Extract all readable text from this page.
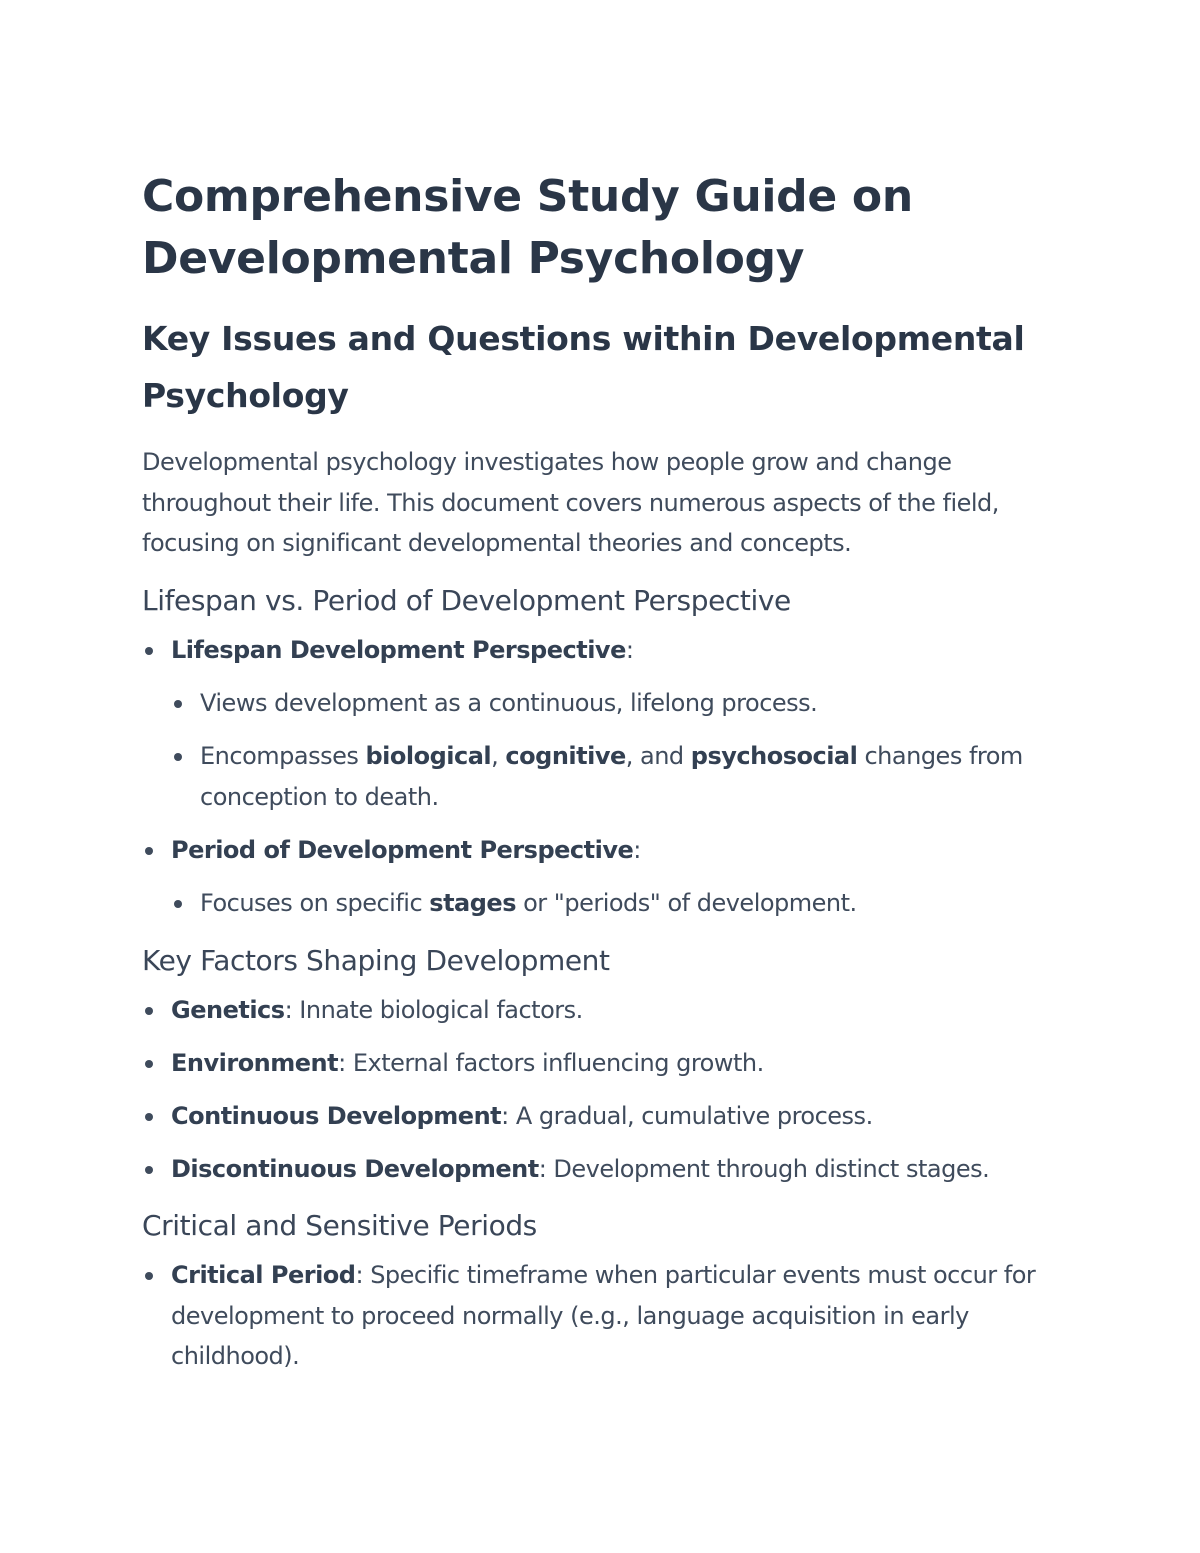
Comprehensive Study Guide on
Developmental Psychology
Key Issues and Questions within Developmental
Psychology

Developmental psychology investigates how people grow and change throughout their life. This document covers numerous aspects of the field, focusing on significant developmental theories and concepts.

Lifespan vs. Period of Development Perspective
Lifespan Development Perspective:
Views development as a continuous, lifelong process.
Encompasses biological, cognitive, and psychosocial changes from conception to death.
Period of Development Perspective:
Focuses on specific stages or "periods" of development.
Key Factors Shaping Development
Genetics: Innate biological factors.
Environment: External factors influencing growth.
Continuous Development: A gradual, cumulative process.
Discontinuous Development: Development through distinct stages.
Critical and Sensitive Periods
Critical Period: Specific timeframe when particular events must occur for development to proceed normally (e.g., language acquisition in early childhood).
